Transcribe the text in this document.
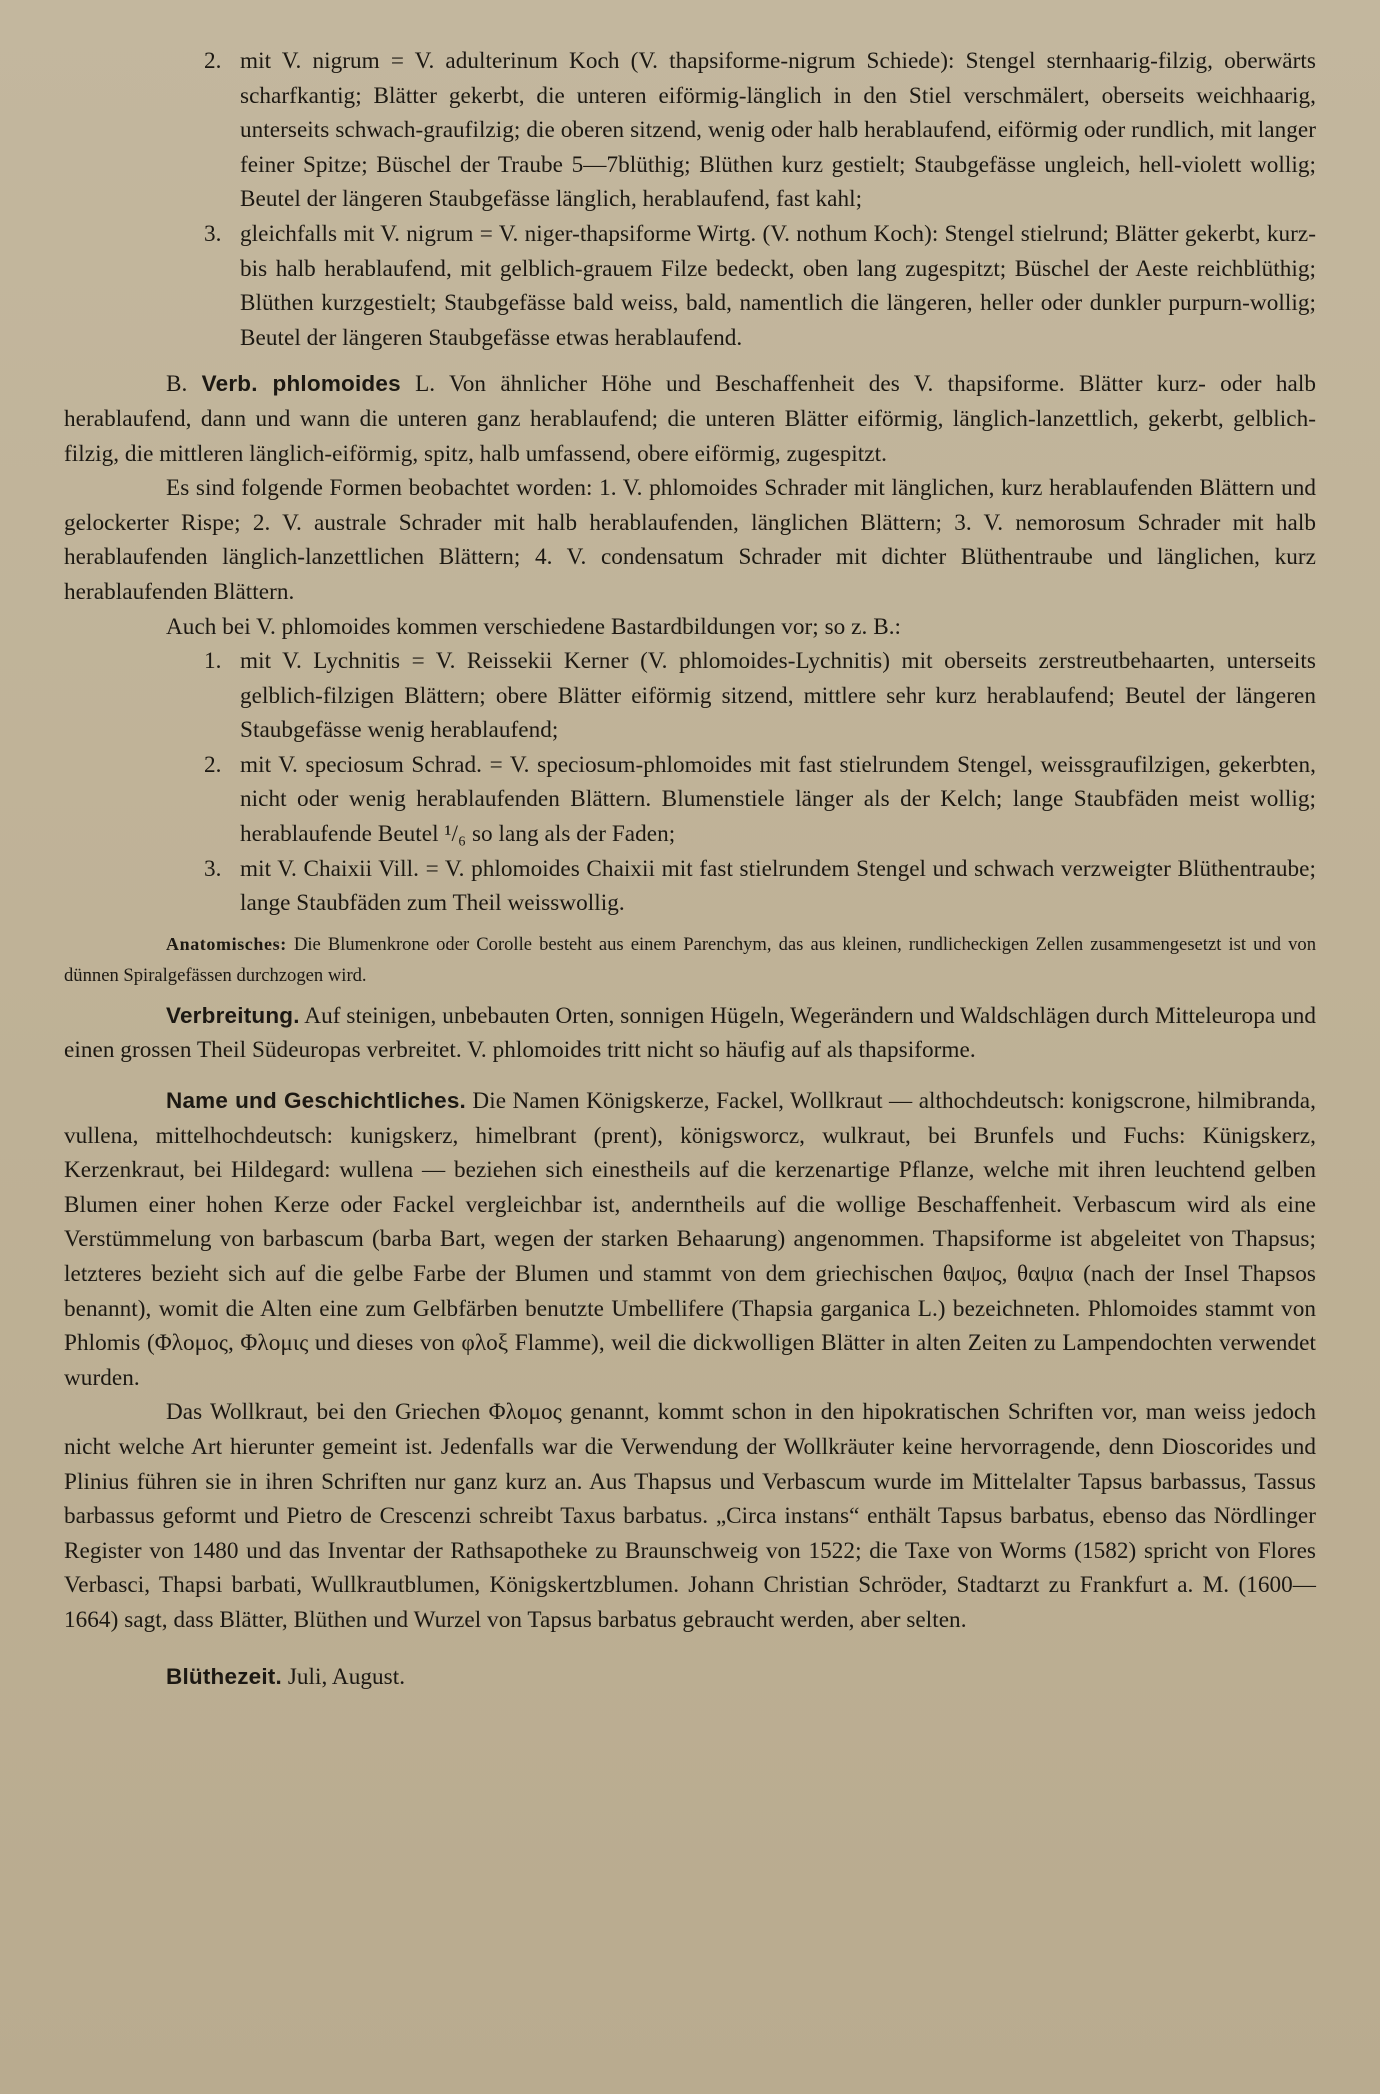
2. mit V. nigrum = V. adulterinum Koch (V. thapsiforme-nigrum Schiede): Stengel sternhaarig-filzig, oberwärts scharfkantig; Blätter gekerbt, die unteren eiförmig-länglich in den Stiel verschmälert, oberseits weichhaarig, unterseits schwach-graufilzig; die oberen sitzend, wenig oder halb herablaufend, eiförmig oder rundlich, mit langer feiner Spitze; Büschel der Traube 5—7blüthig; Blüthen kurz gestielt; Staubgefässe ungleich, hell-violett wollig; Beutel der längeren Staubgefässe länglich, herablaufend, fast kahl;

3. gleichfalls mit V. nigrum = V. niger-thapsiforme Wirtg. (V. nothum Koch): Stengel stielrund; Blätter gekerbt, kurz- bis halb herablaufend, mit gelblich-grauem Filze bedeckt, oben lang zugespitzt; Büschel der Aeste reichblüthig; Blüthen kurzgestielt; Staubgefässe bald weiss, bald, namentlich die längeren, heller oder dunkler purpurn-wollig; Beutel der längeren Staubgefässe etwas herablaufend.

B. Verb. phlomoides L. Von ähnlicher Höhe und Beschaffenheit des V. thapsiforme. Blätter kurz- oder halb herablaufend, dann und wann die unteren ganz herablaufend; die unteren Blätter eiförmig, länglich-lanzettlich, gekerbt, gelblich-filzig, die mittleren länglich-eiförmig, spitz, halb umfassend, obere eiförmig, zugespitzt.

Es sind folgende Formen beobachtet worden: 1. V. phlomoides Schrader mit länglichen, kurz herablaufenden Blättern und gelockerter Rispe; 2. V. australe Schrader mit halb herablaufenden, länglichen Blättern; 3. V. nemorosum Schrader mit halb herablaufenden länglich-lanzettlichen Blättern; 4. V. condensatum Schrader mit dichter Blüthentraube und länglichen, kurz herablaufenden Blättern.

Auch bei V. phlomoides kommen verschiedene Bastardbildungen vor; so z. B.:

1. mit V. Lychnitis = V. Reissekii Kerner (V. phlomoides-Lychnitis) mit oberseits zerstreutbehaarten, unterseits gelblich-filzigen Blättern; obere Blätter eiförmig sitzend, mittlere sehr kurz herablaufend; Beutel der längeren Staubgefässe wenig herablaufend;

2. mit V. speciosum Schrad. = V. speciosum-phlomoides mit fast stielrundem Stengel, weissgraufilzigen, gekerbten, nicht oder wenig herablaufenden Blättern. Blumenstiele länger als der Kelch; lange Staubfäden meist wollig; herablaufende Beutel ¹/₆ so lang als der Faden;

3. mit V. Chaixii Vill. = V. phlomoides Chaixii mit fast stielrundem Stengel und schwach verzweigter Blüthentraube; lange Staubfäden zum Theil weisswollig.

Anatomisches: Die Blumenkrone oder Corolle besteht aus einem Parenchym, das aus kleinen, rundlicheckigen Zellen zusammengesetzt ist und von dünnen Spiralgefässen durchzogen wird.

Verbreitung. Auf steinigen, unbebauten Orten, sonnigen Hügeln, Wegerändern und Waldschlägen durch Mitteleuropa und einen grossen Theil Südeuropas verbreitet. V. phlomoides tritt nicht so häufig auf als thapsiforme.

Name und Geschichtliches. Die Namen Königskerze, Fackel, Wollkraut — althochdeutsch: konigscrone, hilmibranda, vullena, mittelhochdeutsch: kunigskerz, himelbrant (prent), königsworcz, wulkraut, bei Brunfels und Fuchs: Künigskerz, Kerzenkraut, bei Hildegard: wullena — beziehen sich einestheils auf die kerzenartige Pflanze, welche mit ihren leuchtend gelben Blumen einer hohen Kerze oder Fackel vergleichbar ist, anderntheils auf die wollige Beschaffenheit. Verbascum wird als eine Verstümmelung von barbascum (barba Bart, wegen der starken Behaarung) angenommen. Thapsiforme ist abgeleitet von Thapsus; letzteres bezieht sich auf die gelbe Farbe der Blumen und stammt von dem griechischen θαψος, θαψια (nach der Insel Thapsos benannt), womit die Alten eine zum Gelbfärben benutzte Umbellifere (Thapsia garganica L.) bezeichneten. Phlomoides stammt von Phlomis (Φλομος, Φλομις und dieses von φλοξ Flamme), weil die dickwolligen Blätter in alten Zeiten zu Lampendochten verwendet wurden.

Das Wollkraut, bei den Griechen Φλομος genannt, kommt schon in den hipokratischen Schriften vor, man weiss jedoch nicht welche Art hierunter gemeint ist. Jedenfalls war die Verwendung der Wollkräuter keine hervorragende, denn Dioscorides und Plinius führen sie in ihren Schriften nur ganz kurz an. Aus Thapsus und Verbascum wurde im Mittelalter Tapsus barbassus, Tassus barbassus geformt und Pietro de Crescenzi schreibt Taxus barbatus. „Circa instans“ enthält Tapsus barbatus, ebenso das Nördlinger Register von 1480 und das Inventar der Rathsapotheke zu Braunschweig von 1522; die Taxe von Worms (1582) spricht von Flores Verbasci, Thapsi barbati, Wullkrautblumen, Königskertzblumen. Johann Christian Schröder, Stadtarzt zu Frankfurt a. M. (1600—1664) sagt, dass Blätter, Blüthen und Wurzel von Tapsus barbatus gebraucht werden, aber selten.

Blüthezeit. Juli, August.
